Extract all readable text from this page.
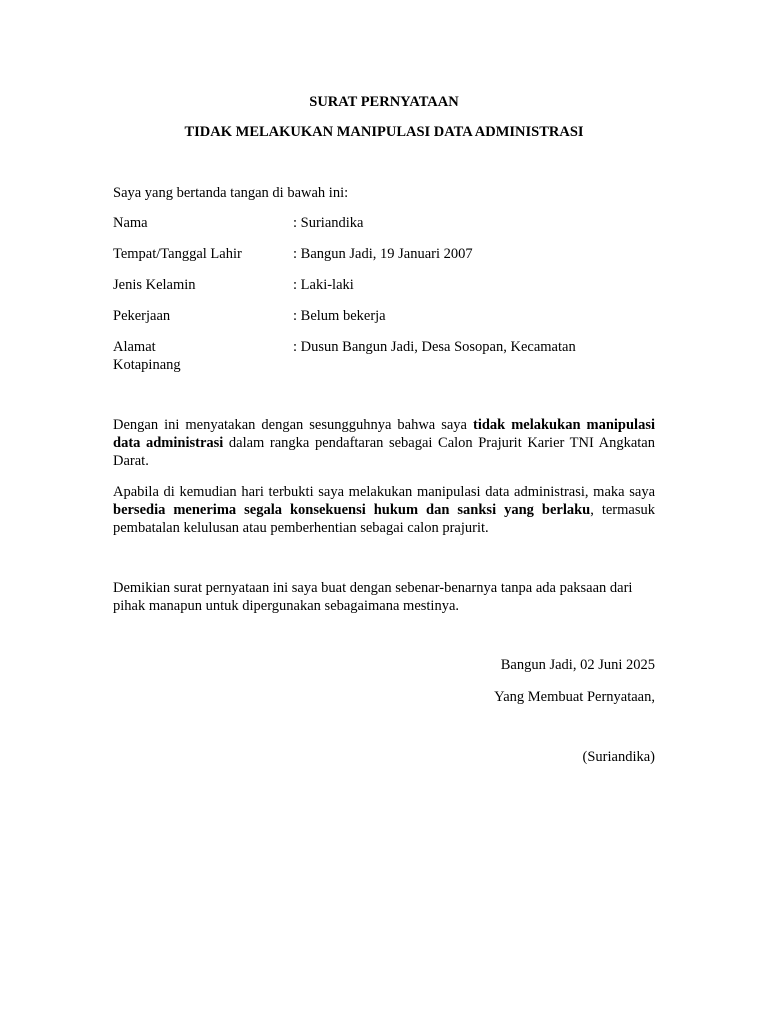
SURAT PERNYATAAN
TIDAK MELAKUKAN MANIPULASI DATA ADMINISTRASI
Saya yang bertanda tangan di bawah ini:
Nama	: Suriandika
Tempat/Tanggal Lahir	: Bangun Jadi, 19 Januari 2007
Jenis Kelamin	: Laki-laki
Pekerjaan	: Belum bekerja
Alamat	: Dusun Bangun Jadi, Desa Sosopan, Kecamatan
Kotapinang
Dengan ini menyatakan dengan sesungguhnya bahwa saya tidak melakukan manipulasi data administrasi dalam rangka pendaftaran sebagai Calon Prajurit Karier TNI Angkatan Darat.
Apabila di kemudian hari terbukti saya melakukan manipulasi data administrasi, maka saya bersedia menerima segala konsekuensi hukum dan sanksi yang berlaku, termasuk pembatalan kelulusan atau pemberhentian sebagai calon prajurit.
Demikian surat pernyataan ini saya buat dengan sebenar-benarnya tanpa ada paksaan dari pihak manapun untuk dipergunakan sebagaimana mestinya.
Bangun Jadi, 02 Juni 2025
Yang Membuat Pernyataan,
(Suriandika)
